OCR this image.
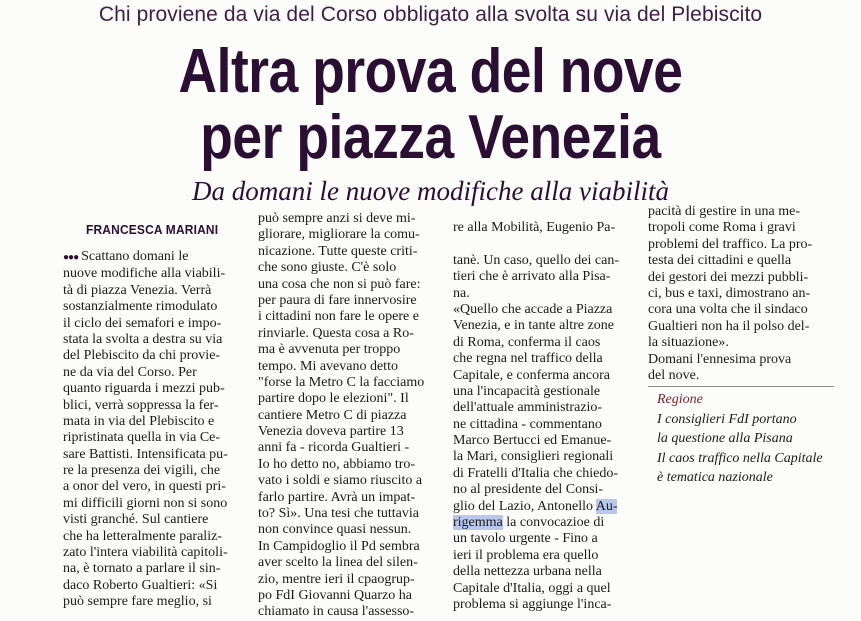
Chi proviene da via del Corso obbligato alla svolta su via del Plebiscito
Altra prova del nove
per piazza Venezia
Da domani le nuove modifiche alla viabilità
FRANCESCA MARIANI
●●● Scattano domani le

nuove modifiche alla viabili-
tà di piazza Venezia. Verrà
sostanzialmente rimodulato
il ciclo dei semafori e impo-
stata la svolta a destra su via
del Plebiscito da chi provie-
ne da via del Corso. Per
quanto riguarda i mezzi pub-
blici, verrà soppressa la fer-
mata in via del Plebiscito e
ripristinata quella in via Ce-
sare Battisti. Intensificata pu-
re la presenza dei vigili, che
a onor del vero, in questi pri-
mi difficili giorni non si sono
visti granché. Sul cantiere
che ha letteralmente paraliz-
zato l'intera viabilità capitoli-
na, è tornato a parlare il sin-
daco Roberto Gualtieri: «Si
può sempre fare meglio, si
può sempre anzi si deve mi-
gliorare, migliorare la comu-
nicazione. Tutte queste criti-
che sono giuste. C'è solo
una cosa che non si può fare:
per paura di fare innervosire
i cittadini non fare le opere e
rinviarle. Questa cosa a Ro-
ma è avvenuta per troppo
tempo. Mi avevano detto
"forse la Metro C la facciamo
partire dopo le elezioni". Il
cantiere Metro C di piazza
Venezia doveva partire 13
anni fa - ricorda Gualtieri -
Io ho detto no, abbiamo tro-
vato i soldi e siamo riuscito a
farlo partire. Avrà un impat-
to? Sì». Una tesi che tuttavia
non convince quasi nessun.
In Campidoglio il Pd sembra
aver scelto la linea del silen-
zio, mentre ieri il cpaogrup-
po FdI Giovanni Quarzo ha
chiamato in causa l'assesso-
re alla Mobilità, Eugenio Pa-
tanè. Un caso, quello dei can-
tieri che è arrivato alla Pisa-
na.
«Quello che accade a Piazza
Venezia, e in tante altre zone
di Roma, conferma il caos
che regna nel traffico della
Capitale, e conferma ancora
una l'incapacità gestionale
dell'attuale amministrazio-
ne cittadina - commentano
Marco Bertucci ed Emanue-
la Mari, consiglieri regionali
di Fratelli d'Italia che chiedo-
no al presidente del Consi-
glio del Lazio, Antonello Au-
rigemma la convocazioe di
un tavolo urgente - Fino a
ieri il problema era quello
della nettezza urbana nella
Capitale d'Italia, oggi a quel
problema si aggiunge l'inca-
pacità di gestire in una me-
tropoli come Roma i gravi
problemi del traffico. La pro-
testa dei cittadini e quella
dei gestori dei mezzi pubbli-
ci, bus e taxi, dimostrano an-
cora una volta che il sindaco
Gualtieri non ha il polso del-
la situazione».
Domani l'ennesima prova
del nove.
Regione
I consiglieri FdI portano
la questione alla Pisana
Il caos traffico nella Capitale
è tematica nazionale
